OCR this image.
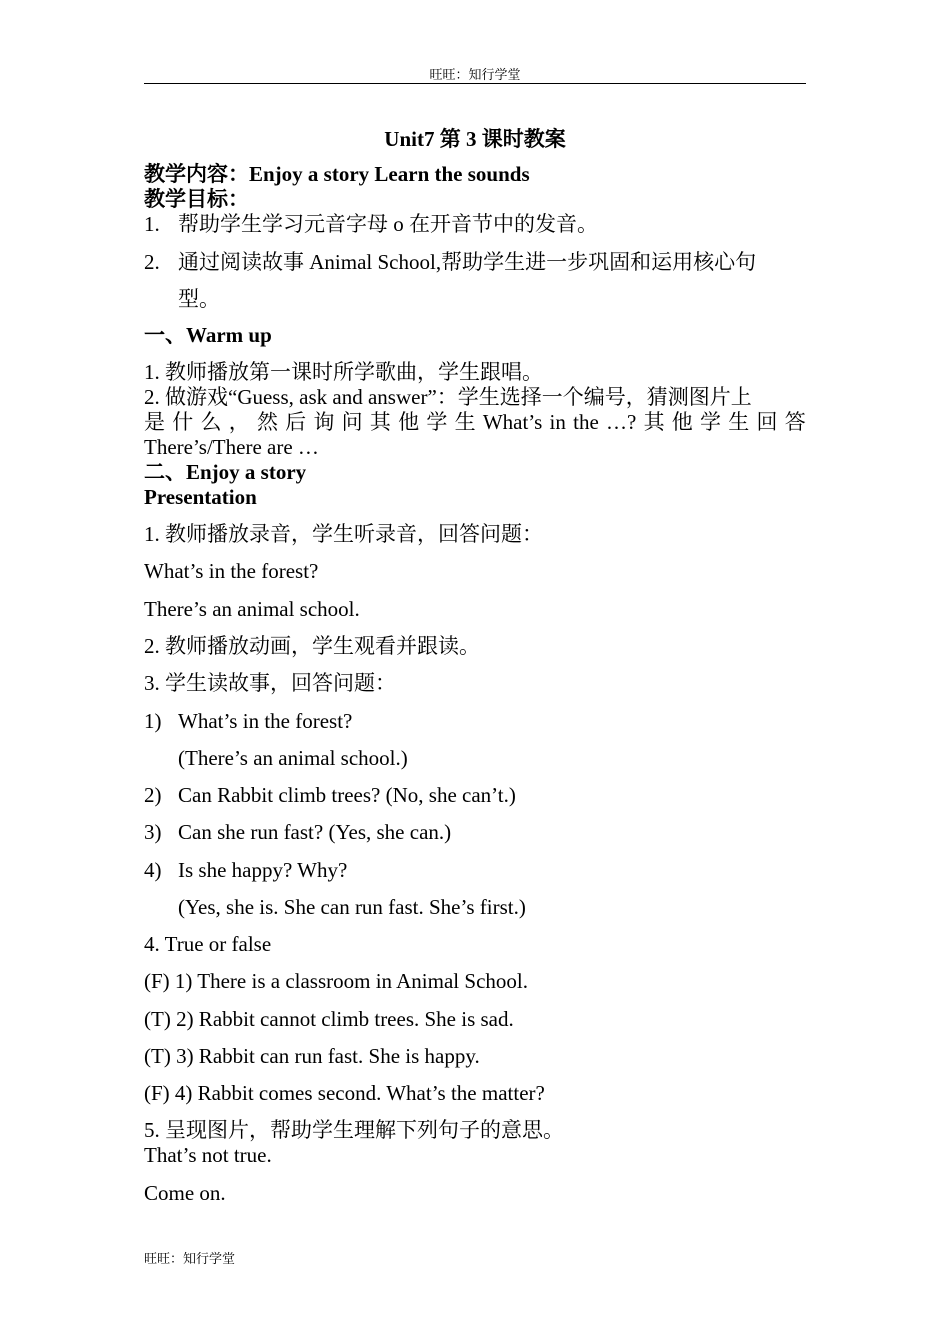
旺旺：知行学堂
Unit7 第 3 课时教案
教学内容：Enjoy a story Learn the sounds
教学目标：
1. 帮助学生学习元音字母 o 在开音节中的发音。
2. 通过阅读故事 Animal School,帮助学生进一步巩固和运用核心句
型。
一、Warm up
1. 教师播放第一课时所学歌曲，学生跟唱。
2. 做游戏“Guess, ask and answer”：学生选择一个编号，猜测图片上
是 什 么 ， 然 后 询 问 其 他 学 生 What’s in the …? 其 他 学 生 回 答
There’s/There are …
二、Enjoy a story
Presentation
1. 教师播放录音，学生听录音，回答问题：
What’s in the forest?
There’s an animal school.
2. 教师播放动画，学生观看并跟读。
3. 学生读故事，回答问题：
1) What’s in the forest?
(There’s an animal school.)
2) Can Rabbit climb trees? (No, she can’t.)
3) Can she run fast? (Yes, she can.)
4) Is she happy? Why?
(Yes, she is. She can run fast. She’s first.)
4. True or false
(F) 1) There is a classroom in Animal School.
(T) 2) Rabbit cannot climb trees. She is sad.
(T) 3) Rabbit can run fast. She is happy.
(F) 4) Rabbit comes second. What’s the matter?
5. 呈现图片，帮助学生理解下列句子的意思。
That’s not true.
Come on.
旺旺：知行学堂
